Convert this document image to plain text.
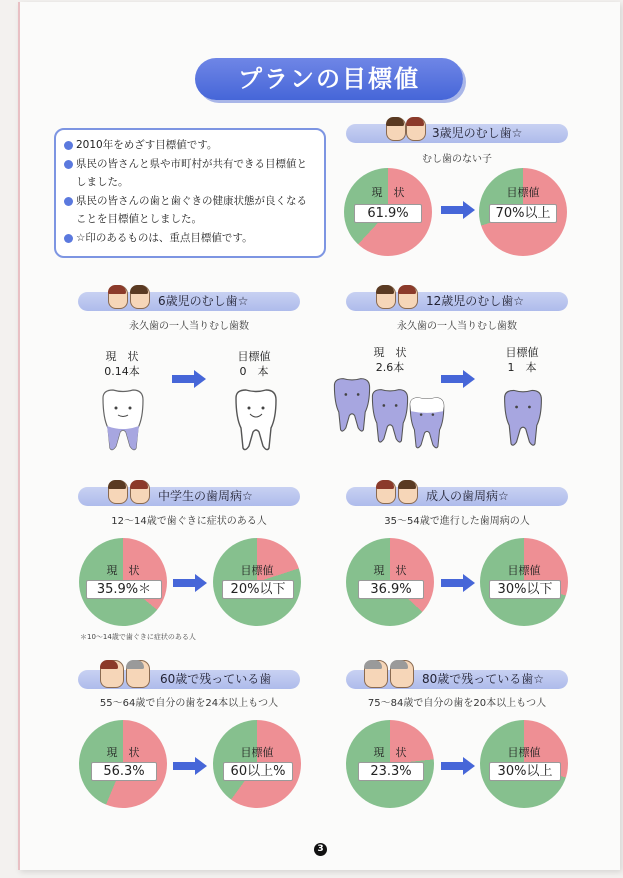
プランの目標値

2010年をめざす目標値です。

県民の皆さんと県や市町村が共有できる目標値としました。

県民の皆さんの歯と歯ぐきの健康状態が良くなることを目標値としました。

☆印のあるものは、重点目標値です。

3歳児のむし歯☆
むし歯のない子
現　状
61.9%
目標値
70%以上
6歳児のむし歯☆
永久歯の一人当りむし歯数
現　状
0.14本
目標値
0　本
12歳児のむし歯☆
永久歯の一人当りむし歯数
現　状
2.6本
目標値
1　本
中学生の歯周病☆
12～14歳で歯ぐきに症状のある人
現　状
35.9%＊
目標値
20%以下
＊10～14歳で歯ぐきに症状のある人
成人の歯周病☆
35～54歳で進行した歯周病の人
現　状
36.9%
目標値
30%以下
60歳で残っている歯
55～64歳で自分の歯を24本以上もつ人
現　状
56.3%
目標値
60以上%
80歳で残っている歯☆
75～84歳で自分の歯を20本以上もつ人
現　状
23.3%
目標値
30%以上
3
